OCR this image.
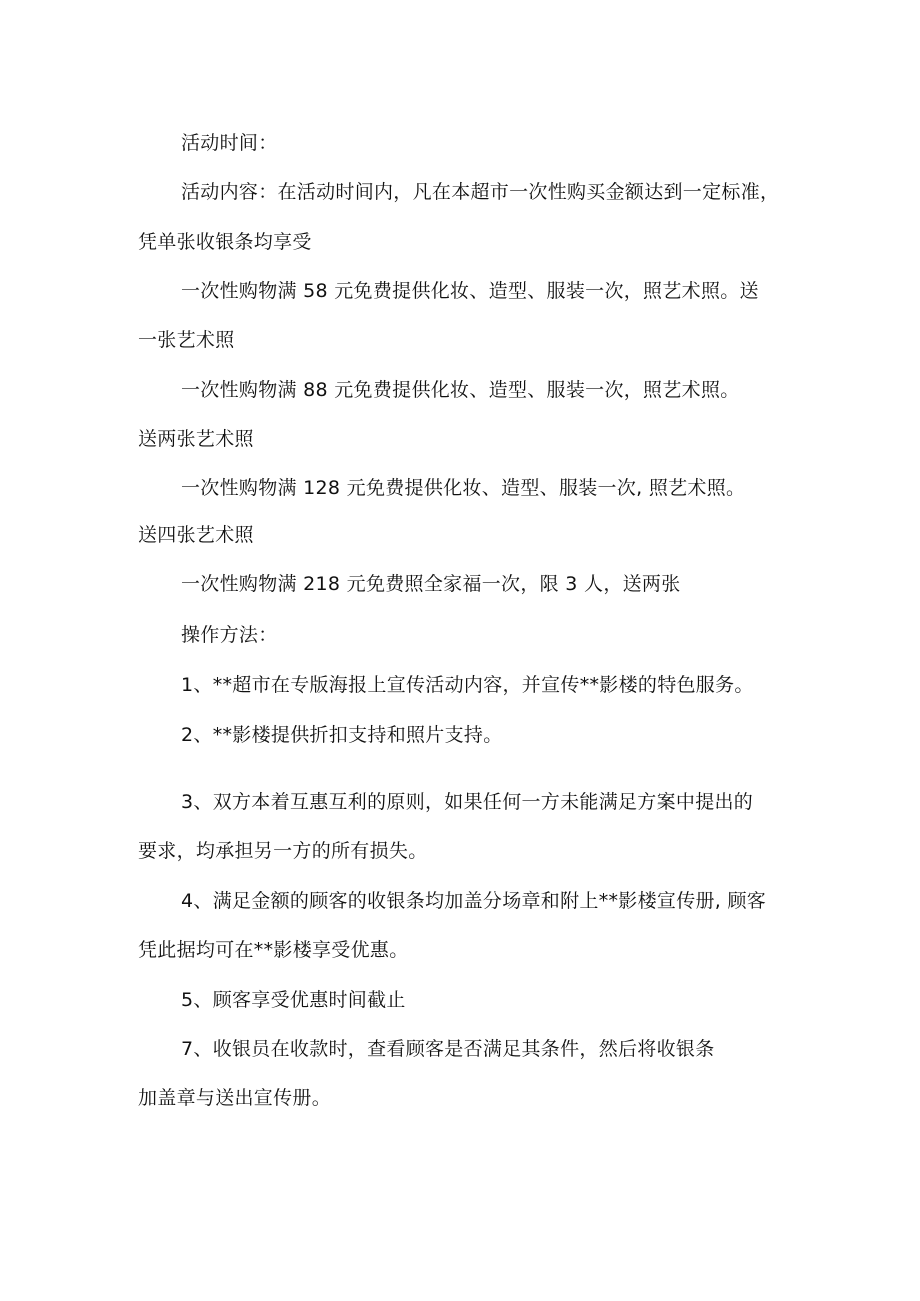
活动时间：
活动内容：在活动时间内，凡在本超市一次性购买金额达到一定标准，
凭单张收银条均享受
一次性购物满 58 元免费提供化妆、造型、服装一次，照艺术照。送
一张艺术照
一次性购物满 88 元免费提供化妆、造型、服装一次，照艺术照。
送两张艺术照
一次性购物满 128 元免费提供化妆、造型、服装一次, 照艺术照。
送四张艺术照
一次性购物满 218 元免费照全家福一次，限 3 人，送两张
操作方法：
1、**超市在专版海报上宣传活动内容，并宣传**影楼的特色服务。
2、**影楼提供折扣支持和照片支持。
3、双方本着互惠互利的原则，如果任何一方未能满足方案中提出的
要求，均承担另一方的所有损失。
4、满足金额的顾客的收银条均加盖分场章和附上**影楼宣传册, 顾客
凭此据均可在**影楼享受优惠。
5、顾客享受优惠时间截止
7、收银员在收款时，查看顾客是否满足其条件，然后将收银条
加盖章与送出宣传册。
